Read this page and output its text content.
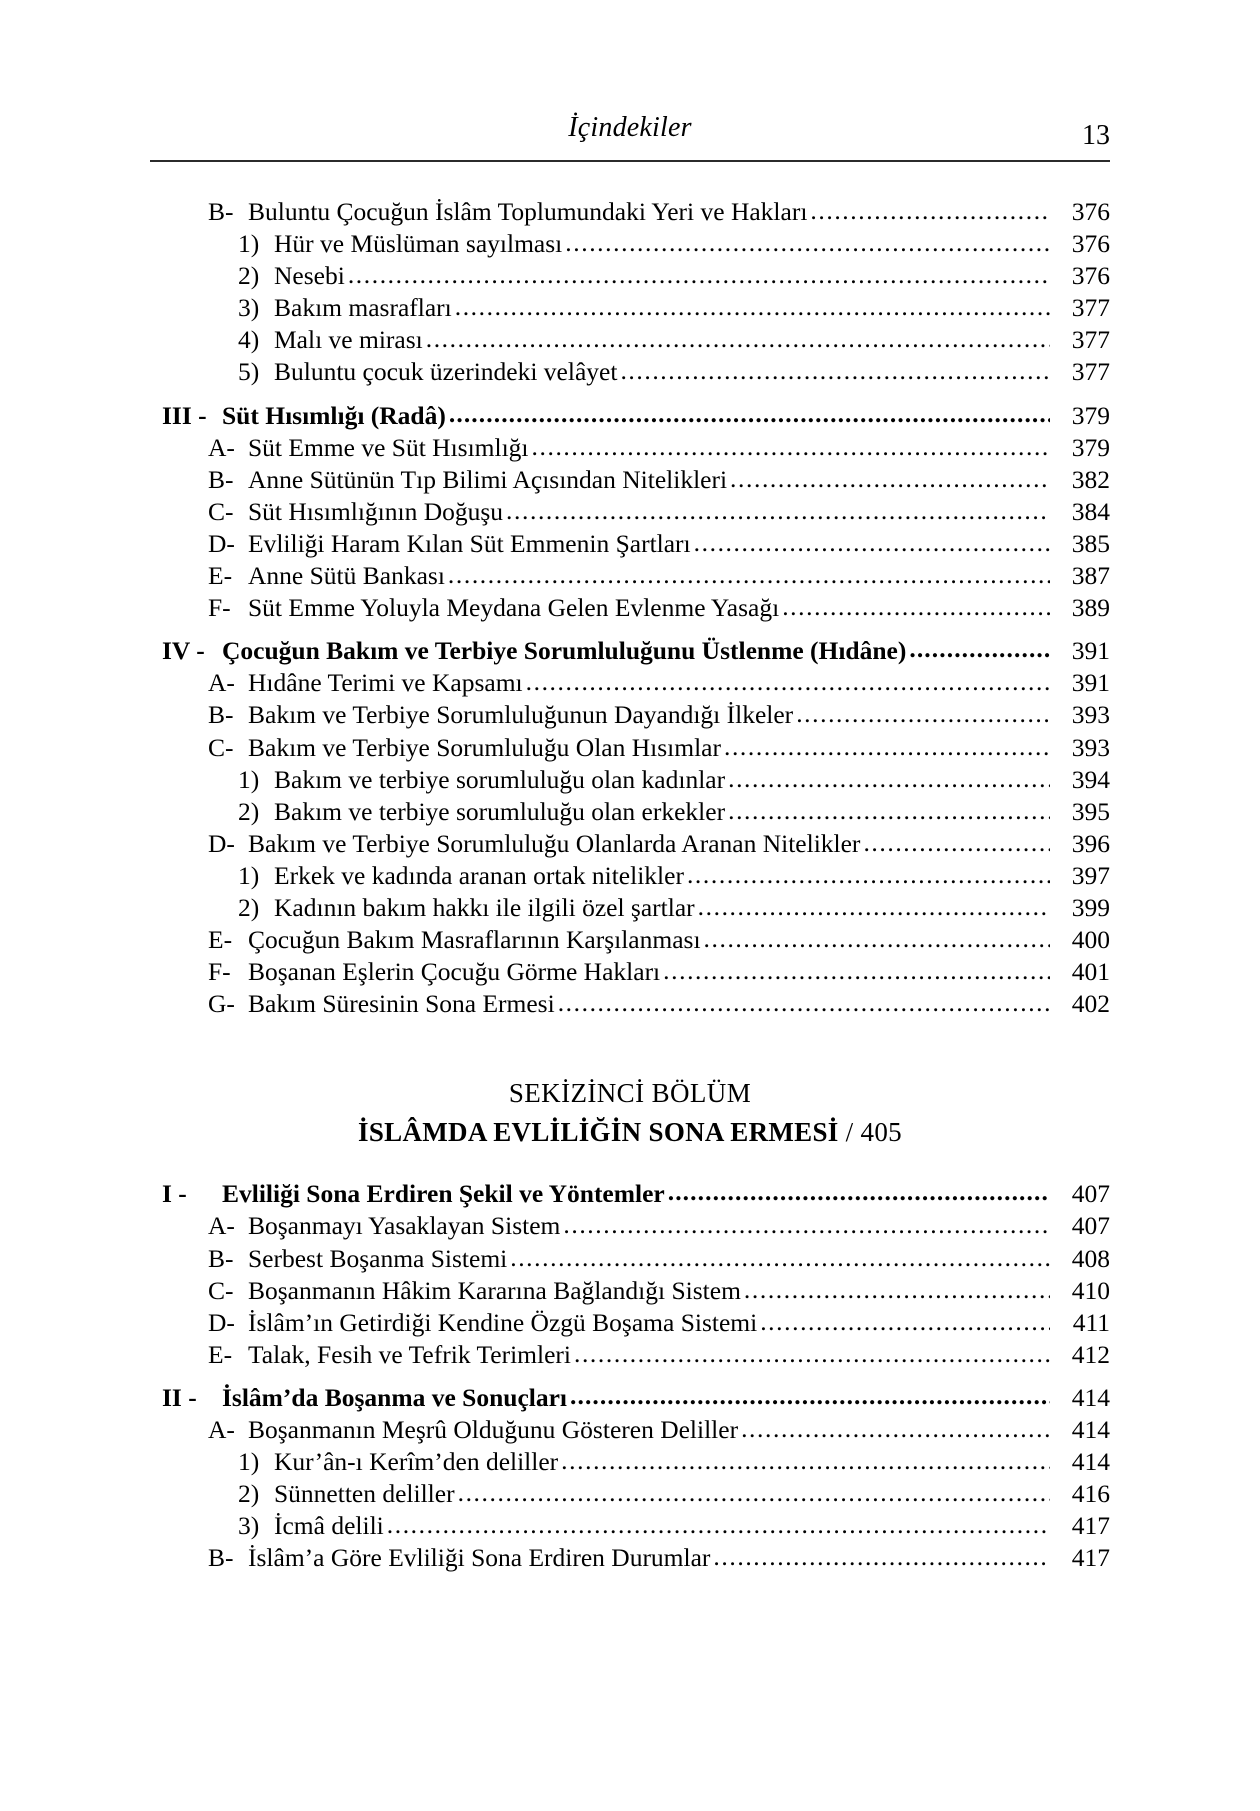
İçindekiler	13
B- Buluntu Çocuğun İslâm Toplumundaki Yeri ve Hakları .....	376
1) Hür ve Müslüman sayılması .....	376
2) Nesebi .....	376
3) Bakım masrafları .....	377
4) Malı ve mirası .....	377
5) Buluntu çocuk üzerindeki velâyet .....	377
III - Süt Hısımlığı (Radâ) .....	379
A- Süt Emme ve Süt Hısımlığı .....	379
B- Anne Sütünün Tıp Bilimi Açısından Nitelikleri .....	382
C- Süt Hısımlığının Doğuşu .....	384
D- Evliliği Haram Kılan Süt Emmenin Şartları .....	385
E- Anne Sütü Bankası .....	387
F- Süt Emme Yoluyla Meydana Gelen Evlenme Yasağı .....	389
IV - Çocuğun Bakım ve Terbiye Sorumluluğunu Üstlenme (Hıdâne) .....	391
A- Hıdâne Terimi ve Kapsamı .....	391
B- Bakım ve Terbiye Sorumluluğunun Dayandığı İlkeler .....	393
C- Bakım ve Terbiye Sorumluluğu Olan Hısımlar .....	393
1) Bakım ve terbiye sorumluluğu olan kadınlar .....	394
2) Bakım ve terbiye sorumluluğu olan erkekler .....	395
D- Bakım ve Terbiye Sorumluluğu Olanlarda Aranan Nitelikler .....	396
1) Erkek ve kadında aranan ortak nitelikler .....	397
2) Kadının bakım hakkı ile ilgili özel şartlar .....	399
E- Çocuğun Bakım Masraflarının Karşılanması .....	400
F- Boşanan Eşlerin Çocuğu Görme Hakları .....	401
G- Bakım Süresinin Sona Ermesi .....	402
SEKİZİNCİ BÖLÜM
İSLÂMDA EVLİLİĞİN SONA ERMESİ / 405
I -	Evliliği Sona Erdiren Şekil ve Yöntemler .....	407
A- Boşanmayı Yasaklayan Sistem .....	407
B- Serbest Boşanma Sistemi .....	408
C- Boşanmanın Hâkim Kararına Bağlandığı Sistem .....	410
D- İslâm’ın Getirdiği Kendine Özgü Boşama Sistemi .....	411
E- Talak, Fesih ve Tefrik Terimleri .....	412
II - İslâm’da Boşanma ve Sonuçları .....	414
A- Boşanmanın Meşrû Olduğunu Gösteren Deliller .....	414
1) Kur’ân-ı Kerîm’den deliller .....	414
2) Sünnetten deliller .....	416
3) İcmâ delili .....	417
B- İslâm’a Göre Evliliği Sona Erdiren Durumlar .....	417
